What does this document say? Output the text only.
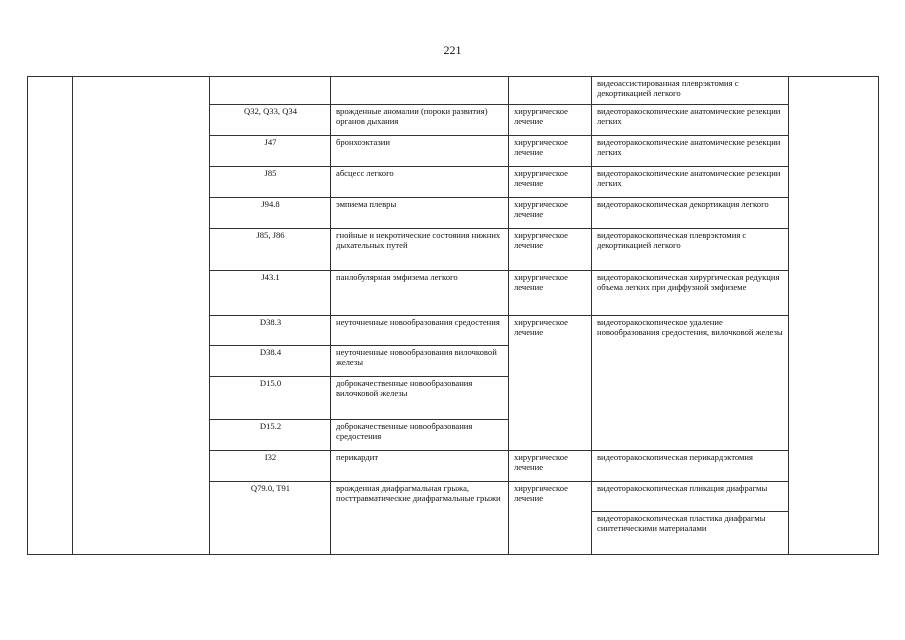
221
					видеоассистированная плеврэктомия с декортикацией легкого	
		Q32, Q33, Q34	врожденные аномалии (пороки развития) органов дыхания	хирургическое лечение	видеоторакоскопические анатомические резекции легких	
		J47	бронхоэктазии	хирургическое лечение	видеоторакоскопические анатомические резекции легких	
		J85	абсцесс легкого	хирургическое лечение	видеоторакоскопические анатомические резекции легких	
		J94.8	эмпиема плевры	хирургическое лечение	видеоторакоскопическая декортикация легкого	
		J85, J86	гнойные и некротические состояния нижних дыхательных путей	хирургическое лечение	видеоторакоскопическая плеврэктомия с декортикацией легкого	
		J43.1	панлобулярная эмфизема легкого	хирургическое лечение	видеоторакоскопическая хирургическая редукция объема легких при диффузной эмфиземе	
		D38.3	неуточненные новообразования средостения	хирургическое лечение	видеоторакоскопическое удаление новообразования средостения, вилочковой железы	
		D38.4	неуточненные новообразования вилочковой железы			
		D15.0	доброкачественные новообразования вилочковой железы			
		D15.2	доброкачественные новообразования средостения			
		I32	перикардит	хирургическое лечение	видеоторакоскопическая перикардэктомия	
		Q79.0, T91	врожденная диафрагмальная грыжа, посттравматические диафрагмальные грыжи	хирургическое лечение	видеоторакоскопическая пликация диафрагмы	
					видеоторакоскопическая пластика диафрагмы синтетическими материалами	
